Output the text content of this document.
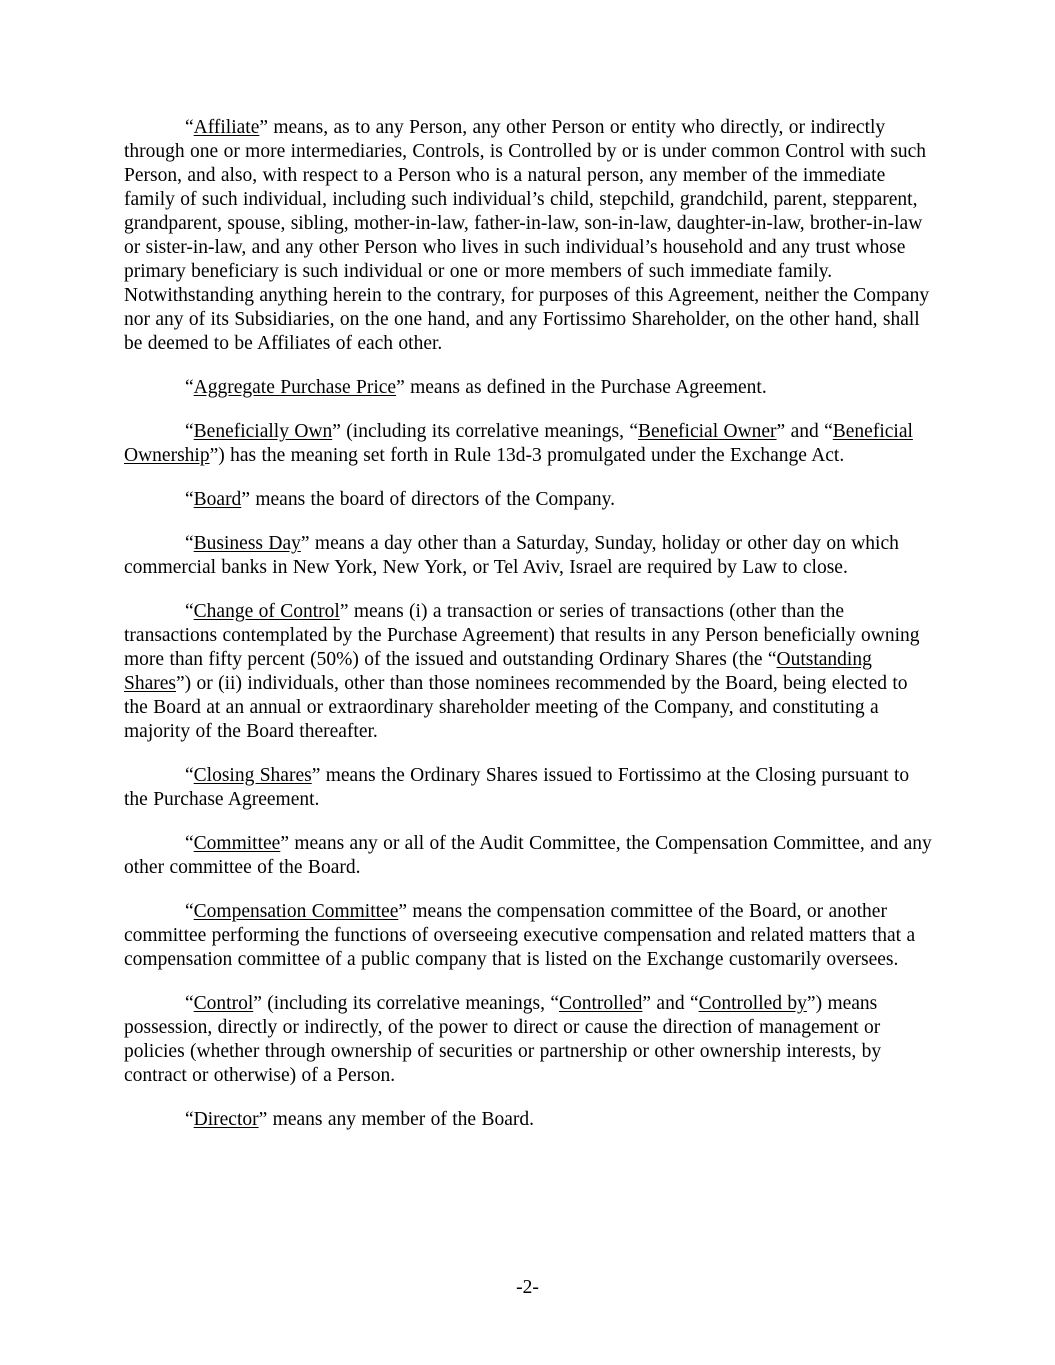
“Affiliate” means, as to any Person, any other Person or entity who directly, or indirectly through one or more intermediaries, Controls, is Controlled by or is under common Control with such Person, and also, with respect to a Person who is a natural person, any member of the immediate family of such individual, including such individual’s child, stepchild, grandchild, parent, stepparent, grandparent, spouse, sibling, mother-in-law, father-in-law, son-in-law, daughter-in-law, brother-in-law or sister-in-law, and any other Person who lives in such individual’s household and any trust whose primary beneficiary is such individual or one or more members of such immediate family. Notwithstanding anything herein to the contrary, for purposes of this Agreement, neither the Company nor any of its Subsidiaries, on the one hand, and any Fortissimo Shareholder, on the other hand, shall be deemed to be Affiliates of each other.

“Aggregate Purchase Price” means as defined in the Purchase Agreement.

“Beneficially Own” (including its correlative meanings, “Beneficial Owner” and “Beneficial Ownership”) has the meaning set forth in Rule 13d-3 promulgated under the Exchange Act.

“Board” means the board of directors of the Company.

“Business Day” means a day other than a Saturday, Sunday, holiday or other day on which commercial banks in New York, New York, or Tel Aviv, Israel are required by Law to close.

“Change of Control” means (i) a transaction or series of transactions (other than the transactions contemplated by the Purchase Agreement) that results in any Person beneficially owning more than fifty percent (50%) of the issued and outstanding Ordinary Shares (the “Outstanding Shares”) or (ii) individuals, other than those nominees recommended by the Board, being elected to the Board at an annual or extraordinary shareholder meeting of the Company, and constituting a majority of the Board thereafter.

“Closing Shares” means the Ordinary Shares issued to Fortissimo at the Closing pursuant to the Purchase Agreement.

“Committee” means any or all of the Audit Committee, the Compensation Committee, and any other committee of the Board.

“Compensation Committee” means the compensation committee of the Board, or another committee performing the functions of overseeing executive compensation and related matters that a compensation committee of a public company that is listed on the Exchange customarily oversees.

“Control” (including its correlative meanings, “Controlled” and “Controlled by”) means possession, directly or indirectly, of the power to direct or cause the direction of management or policies (whether through ownership of securities or partnership or other ownership interests, by contract or otherwise) of a Person.

“Director” means any member of the Board.

-2-
